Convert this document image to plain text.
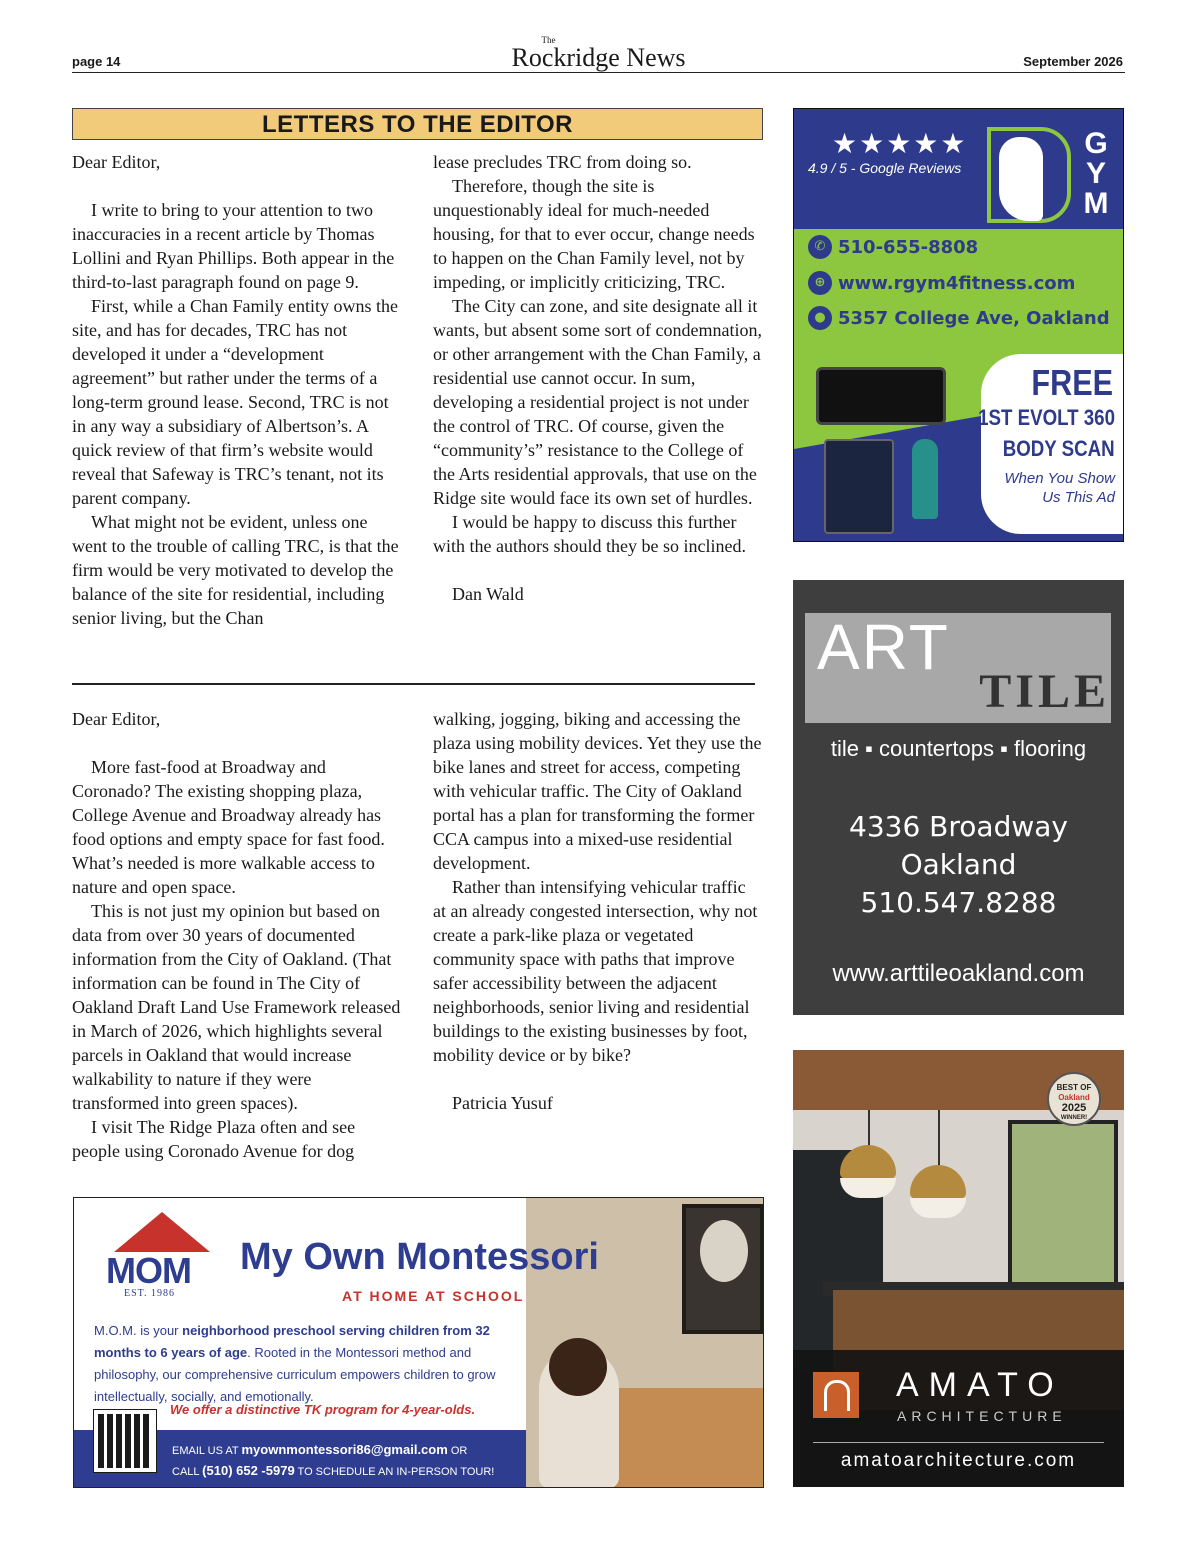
page 14
The
Rockridge News	September 2026
LETTERS TO THE EDITOR

Dear Editor,

I write to bring to your attention to two inaccuracies in a recent article by Thomas Lollini and Ryan Phillips. Both appear in the third-to-last paragraph found on page 9.

First, while a Chan Family entity owns the site, and has for decades, TRC has not developed it under a “development agreement” but rather under the terms of a long-term ground lease. Second, TRC is not in any way a subsidiary of Albertson’s. A quick review of that firm’s website would reveal that Safeway is TRC’s tenant, not its parent company.

What might not be evident, unless one went to the trouble of calling TRC, is that the firm would be very motivated to develop the balance of the site for residential, including senior living, but the Chan

lease precludes TRC from doing so.

Therefore, though the site is unquestionably ideal for much-needed housing, for that to ever occur, change needs to happen on the Chan Family level, not by impeding, or implicitly criticizing, TRC.

The City can zone, and site designate all it wants, but absent some sort of condemnation, or other arrangement with the Chan Family, a residential use cannot occur. In sum, developing a residential project is not under the control of TRC. Of course, given the “community’s” resistance to the College of the Arts residential approvals, that use on the Ridge site would face its own set of hurdles.

I would be happy to discuss this further with the authors should they be so inclined.

Dan Wald

Dear Editor,

More fast-food at Broadway and Coronado? The existing shopping plaza, College Avenue and Broadway already has food options and empty space for fast food. What’s needed is more walkable access to nature and open space.

This is not just my opinion but based on data from over 30 years of documented information from the City of Oakland. (That information can be found in The City of Oakland Draft Land Use Framework released in March of 2026, which highlights several parcels in Oakland that would increase walkability to nature if they were transformed into green spaces).

I visit The Ridge Plaza often and see people using Coronado Avenue for dog

walking, jogging, biking and accessing the plaza using mobility devices. Yet they use the bike lanes and street for access, competing with vehicular traffic. The City of Oakland portal has a plan for transforming the former CCA campus into a mixed-use residential development.

Rather than intensifying vehicular traffic at an already congested intersection, why not create a park-like plaza or vegetated community space with paths that improve safer accessibility between the adjacent neighborhoods, senior living and residential buildings to the existing businesses by foot, mobility device or by bike?

Patricia Yusuf

★★★★★
4.9 / 5 - Google Reviews
G
Y
M
✆ 510-655-8808
⊕ www.rgym4fitness.com
● 5357 College Ave, Oakland
FREE
1ST EVOLT 360
BODY SCAN
When You Show
Us This Ad
ART
TILE
tile ▪ countertops ▪ flooring
4336 Broadway
Oakland
510.547.8288
www.arttileoakland.com
BEST OF
Oakland
2025
WINNER!
AMATO
ARCHITECTURE
amatoarchitecture.com
MOM
EST. 1986
My Own Montessori
AT HOME AT SCHOOL
M.O.M. is your neighborhood preschool serving children from 32 months to 6 years of age. Rooted in the Montessori method and philosophy, our comprehensive curriculum empowers children to grow intellectually, socially, and emotionally.
We offer a distinctive TK program for 4-year-olds.
EMAIL US AT myownmontessori86@gmail.com OR
CALL (510) 652 -5979 TO SCHEDULE AN IN-PERSON TOUR!
